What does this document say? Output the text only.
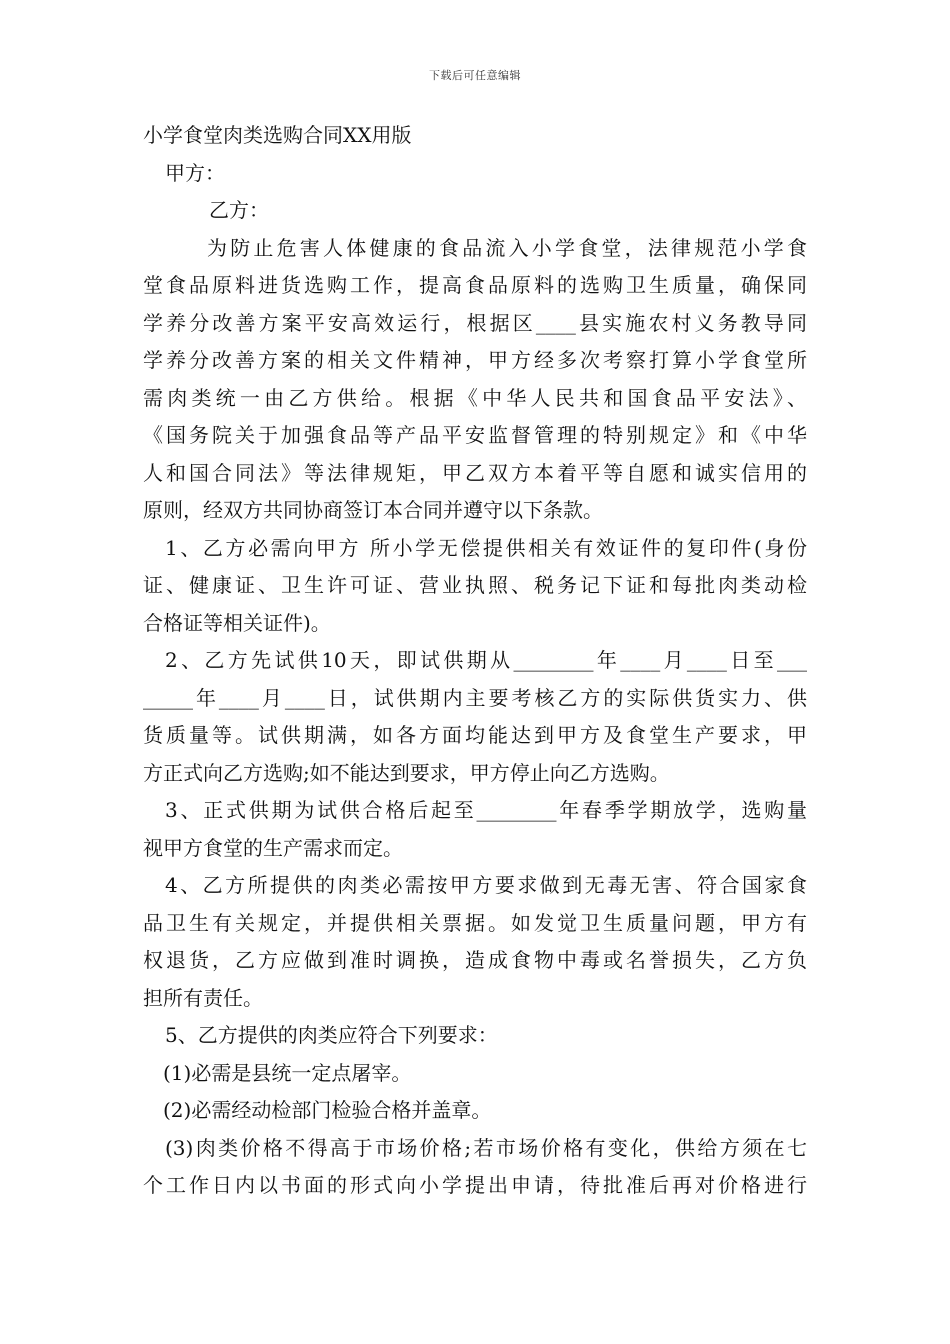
下载后可任意编辑
小学食堂肉类选购合同XX用版
甲方：
乙方：
为防止危害人体健康的食品流入小学食堂，法律规范小学食
堂食品原料进货选购工作，提高食品原料的选购卫生质量，确保同
学养分改善方案平安高效运行，根据区____县实施农村义务教导同
学养分改善方案的相关文件精神，甲方经多次考察打算小学食堂所
需肉类统一由乙方供给。根据《中华人民共和国食品平安法》、
《国务院关于加强食品等产品平安监督管理的特别规定》和《中华
人和国合同法》等法律规矩，甲乙双方本着平等自愿和诚实信用的
原则，经双方共同协商签订本合同并遵守以下条款。
1、乙方必需向甲方 所小学无偿提供相关有效证件的复印件(身份
证、健康证、卫生许可证、营业执照、税务记下证和每批肉类动检
合格证等相关证件)。
2、乙方先试供10天，即试供期从________年____月____日至___
_____年____月____日，试供期内主要考核乙方的实际供货实力、供
货质量等。试供期满，如各方面均能达到甲方及食堂生产要求，甲
方正式向乙方选购;如不能达到要求，甲方停止向乙方选购。
3、正式供期为试供合格后起至________年春季学期放学，选购量
视甲方食堂的生产需求而定。
4、乙方所提供的肉类必需按甲方要求做到无毒无害、符合国家食
品卫生有关规定，并提供相关票据。如发觉卫生质量问题，甲方有
权退货，乙方应做到准时调换，造成食物中毒或名誉损失，乙方负
担所有责任。
5、乙方提供的肉类应符合下列要求：
(1)必需是县统一定点屠宰。
(2)必需经动检部门检验合格并盖章。
(3)肉类价格不得高于市场价格;若市场价格有变化，供给方须在七
个工作日内以书面的形式向小学提出申请，待批准后再对价格进行
